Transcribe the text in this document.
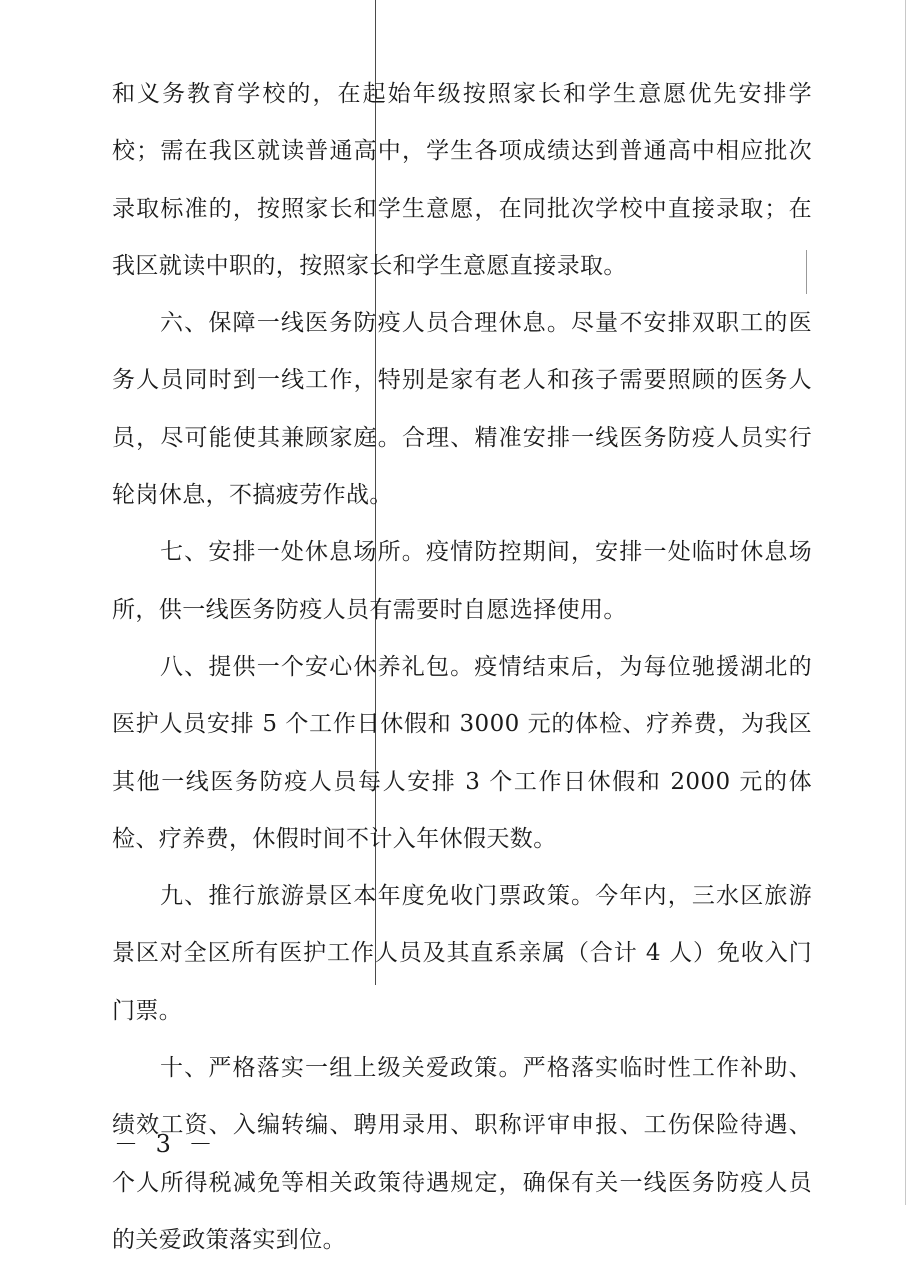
和义务教育学校的，在起始年级按照家长和学生意愿优先安排学校；需在我区就读普通高中，学生各项成绩达到普通高中相应批次录取标准的，按照家长和学生意愿，在同批次学校中直接录取；在我区就读中职的，按照家长和学生意愿直接录取。

六、保障一线医务防疫人员合理休息。尽量不安排双职工的医务人员同时到一线工作，特别是家有老人和孩子需要照顾的医务人员，尽可能使其兼顾家庭。合理、精准安排一线医务防疫人员实行轮岗休息，不搞疲劳作战。

七、安排一处休息场所。疫情防控期间，安排一处临时休息场所，供一线医务防疫人员有需要时自愿选择使用。

八、提供一个安心休养礼包。疫情结束后，为每位驰援湖北的医护人员安排 5 个工作日休假和 3000 元的体检、疗养费，为我区其他一线医务防疫人员每人安排 3 个工作日休假和 2000 元的体检、疗养费，休假时间不计入年休假天数。

九、推行旅游景区本年度免收门票政策。今年内，三水区旅游景区对全区所有医护工作人员及其直系亲属（合计 4 人）免收入门门票。

十、严格落实一组上级关爱政策。严格落实临时性工作补助、绩效工资、入编转编、聘用录用、职称评审申报、工伤保险待遇、个人所得税减免等相关政策待遇规定，确保有关一线医务防疫人员的关爱政策落实到位。

－ 3 －
